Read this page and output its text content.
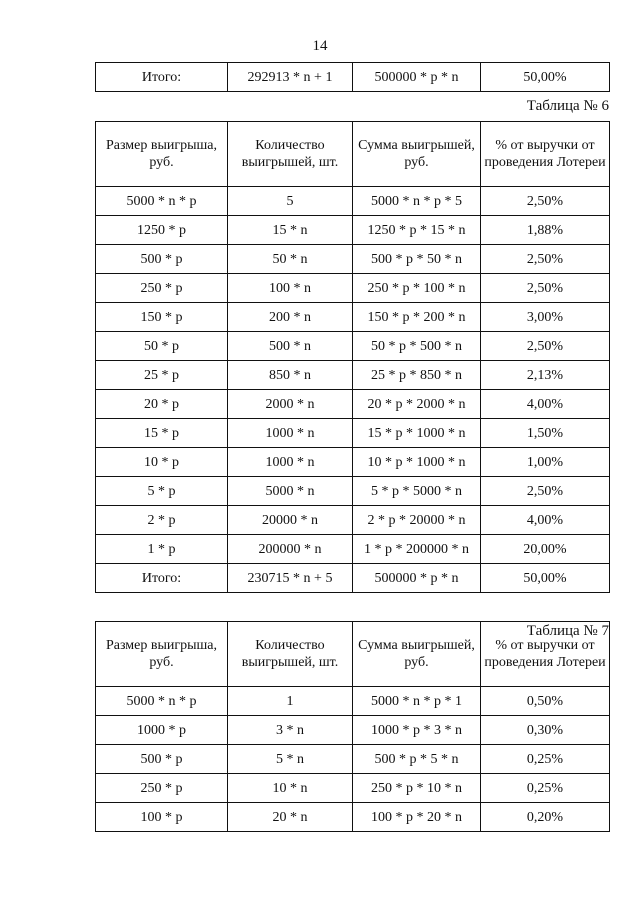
14
Итого:	292913 * n + 1	500000 * p * n	50,00%
Таблица № 6
Размер выигрыша, руб.	Количество выигрышей, шт.	Сумма выигрышей, руб.	% от выручки от проведения Лотереи
5000 * n * p	5	5000 * n * p * 5	2,50%
1250 * p	15 * n	1250 * p * 15 * n	1,88%
500 * p	50 * n	500 * p * 50 * n	2,50%
250 * p	100 * n	250 * p * 100 * n	2,50%
150 * p	200 * n	150 * p * 200 * n	3,00%
50 * p	500 * n	50 * p * 500 * n	2,50%
25 * p	850 * n	25 * p * 850 * n	2,13%
20 * p	2000 * n	20 * p * 2000 * n	4,00%
15 * p	1000 * n	15 * p * 1000 * n	1,50%
10 * p	1000 * n	10 * p * 1000 * n	1,00%
5 * p	5000 * n	5 * p * 5000 * n	2,50%
2 * p	20000 * n	2 * p * 20000 * n	4,00%
1 * p	200000 * n	1 * p * 200000 * n	20,00%
Итого:	230715 * n + 5	500000 * p * n	50,00%
Таблица № 7
Размер выигрыша, руб.	Количество выигрышей, шт.	Сумма выигрышей, руб.	% от выручки от проведения Лотереи
5000 * n * p	1	5000 * n * p * 1	0,50%
1000 * p	3 * n	1000 * p * 3 * n	0,30%
500 * p	5 * n	500 * p * 5 * n	0,25%
250 * p	10 * n	250 * p * 10 * n	0,25%
100 * p	20 * n	100 * p * 20 * n	0,20%
